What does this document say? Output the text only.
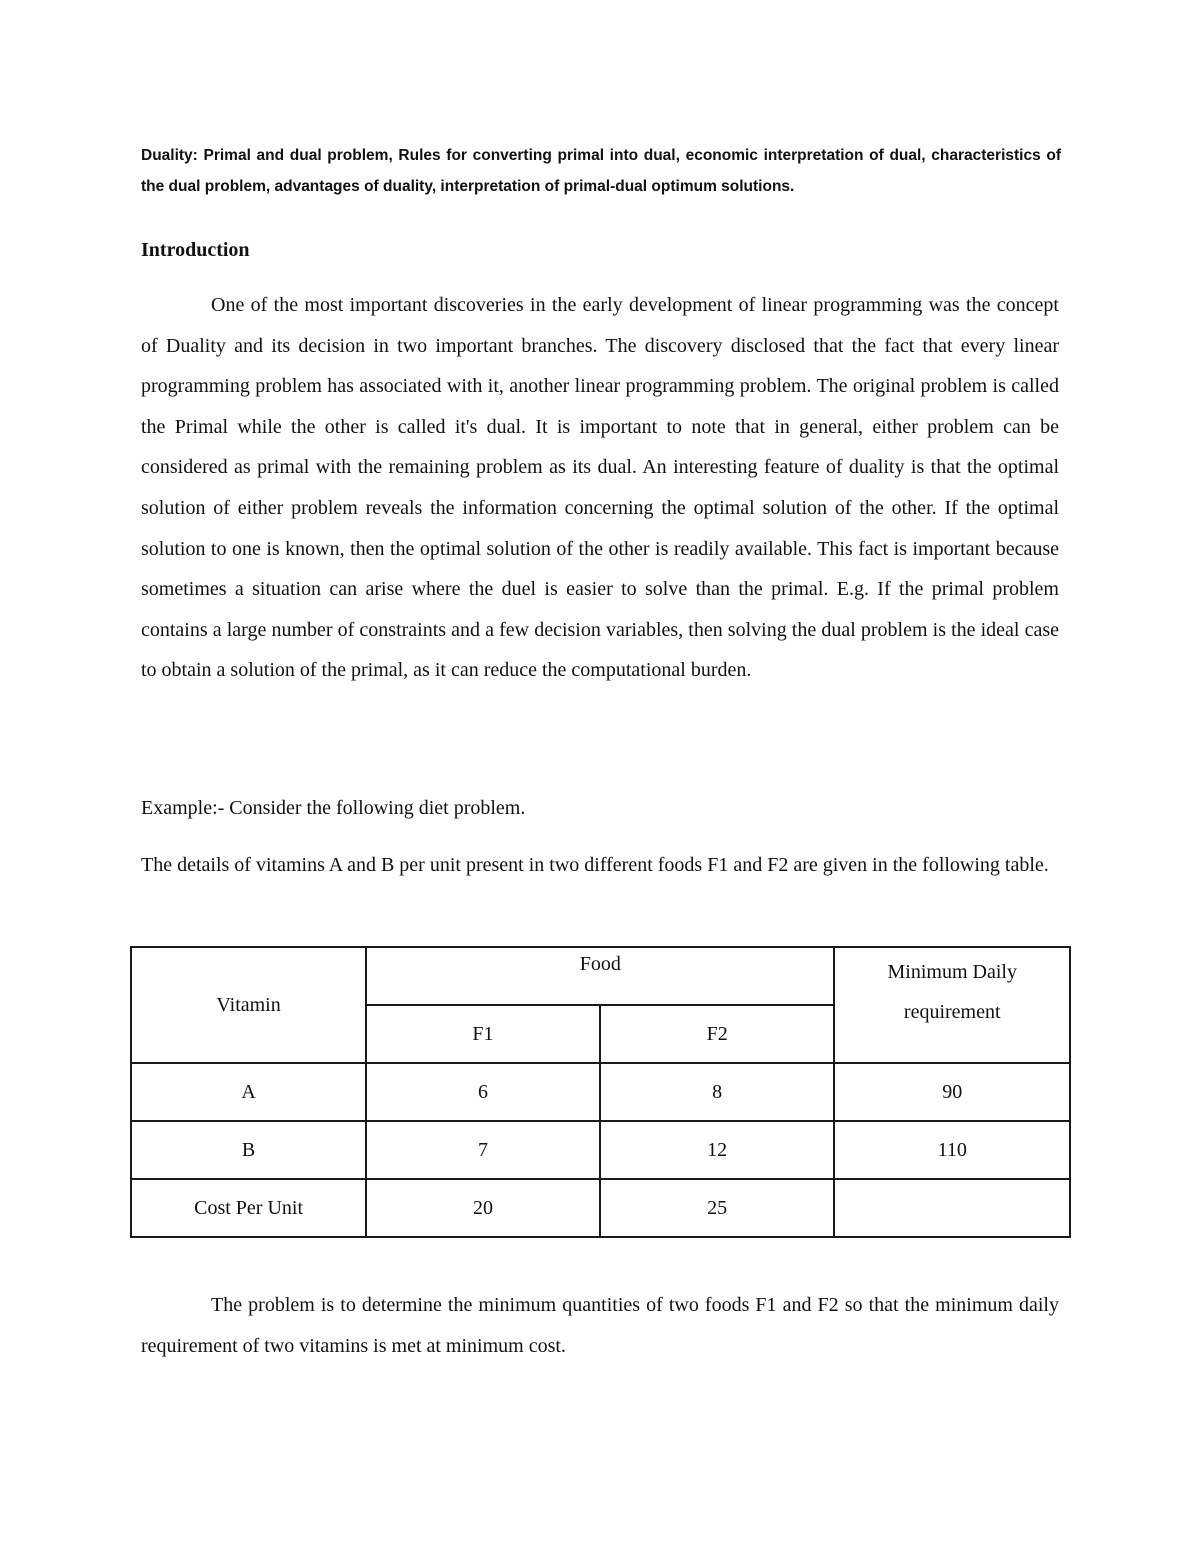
Duality: Primal and dual problem, Rules for converting primal into dual, economic interpretation of dual, characteristics of the dual problem, advantages of duality, interpretation of primal-dual optimum solutions.
Introduction

One of the most important discoveries in the early development of linear programming was the concept of Duality and its decision in two important branches. The discovery disclosed that the fact that every linear programming problem has associated with it, another linear programming problem. The original problem is called the Primal while the other is called it's dual. It is important to note that in general, either problem can be considered as primal with the remaining problem as its dual. An interesting feature of duality is that the optimal solution of either problem reveals the information concerning the optimal solution of the other. If the optimal solution to one is known, then the optimal solution of the other is readily available. This fact is important because sometimes a situation can arise where the duel is easier to solve than the primal. E.g. If the primal problem contains a large number of constraints and a few decision variables, then solving the dual problem is the ideal case to obtain a solution of the primal, as it can reduce the computational burden.

Example:- Consider the following diet problem.

The details of vitamins A and B per unit present in two different foods F1 and F2 are given in the following table.

Vitamin	Food		Minimum Daily
requirement

	F1	F2	

A	6	8	90

B	7	12	110

Cost Per Unit	20	25	

The problem is to determine the minimum quantities of two foods F1 and F2 so that the minimum daily requirement of two vitamins is met at minimum cost.
